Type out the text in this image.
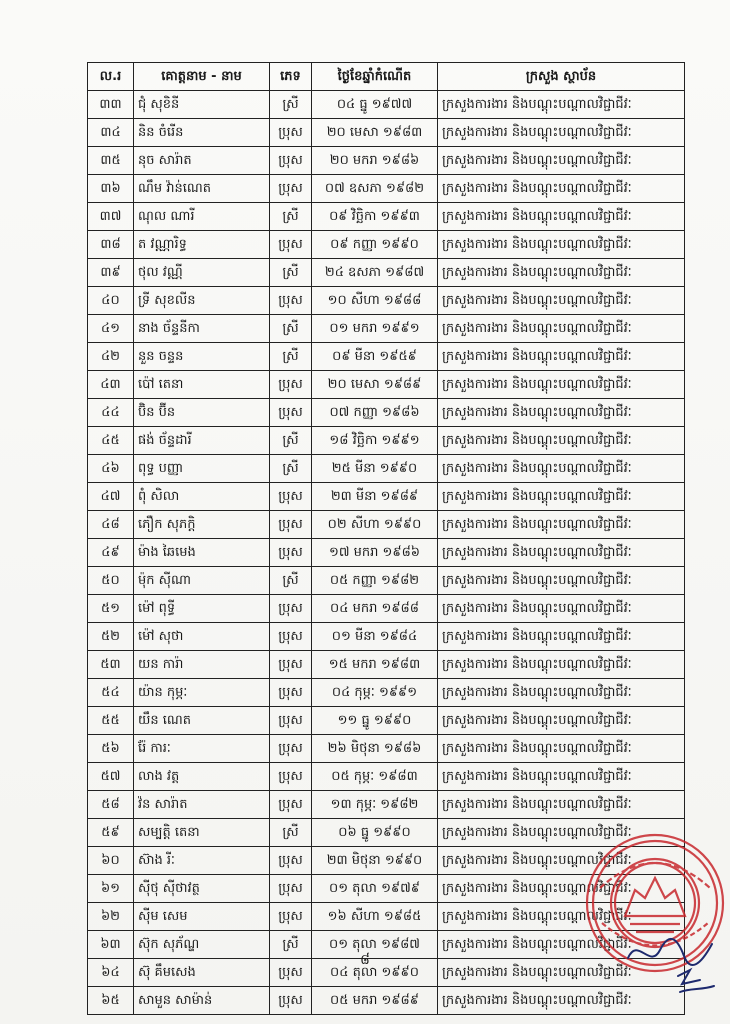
ល.រ	គោត្តនាម - នាម	ភេទ	ថ្ងៃខែឆ្នាំកំណើត	ក្រសួង ស្ថាប័ន
៣៣	ជុំ សុខិនី	ស្រី	០៤ ធ្នូ ១៩៧៧	ក្រសួងការងារ និងបណ្តុះបណ្តាលវិជ្ជាជីវៈ
៣៤	និន ចំរើន	ប្រុស	២០ មេសា ១៩៨៣	ក្រសួងការងារ និងបណ្តុះបណ្តាលវិជ្ជាជីវៈ
៣៥	នុច សារ៉ាត	ប្រុស	២០ មករា ១៩៨៦	ក្រសួងការងារ និងបណ្តុះបណ្តាលវិជ្ជាជីវៈ
៣៦	ណឹម វ៉ាន់ណេត	ប្រុស	០៧ ឧសភា ១៩៨២	ក្រសួងការងារ និងបណ្តុះបណ្តាលវិជ្ជាជីវៈ
៣៧	ណុល ណារី	ស្រី	០៩ វិច្ឆិកា ១៩៩៣	ក្រសួងការងារ និងបណ្តុះបណ្តាលវិជ្ជាជីវៈ
៣៨	ត វណ្ណារិទ្ធ	ប្រុស	០៩ កញ្ញា ១៩៩០	ក្រសួងការងារ និងបណ្តុះបណ្តាលវិជ្ជាជីវៈ
៣៩	ថុល វណ្ណី	ស្រី	២៤ ឧសភា ១៩៨៧	ក្រសួងការងារ និងបណ្តុះបណ្តាលវិជ្ជាជីវៈ
៤០	ទ្រី សុខលីន	ប្រុស	១០ សីហា ១៩៨៨	ក្រសួងការងារ និងបណ្តុះបណ្តាលវិជ្ជាជីវៈ
៤១	នាង ច័ន្ទនីកា	ស្រី	០១ មករា ១៩៩១	ក្រសួងការងារ និងបណ្តុះបណ្តាលវិជ្ជាជីវៈ
៤២	នួន ចន្ទន	ស្រី	០៩ មីនា ១៩៥៩	ក្រសួងការងារ និងបណ្តុះបណ្តាលវិជ្ជាជីវៈ
៤៣	ប៉ៅ តេនា	ប្រុស	២០ មេសា ១៩៨៩	ក្រសួងការងារ និងបណ្តុះបណ្តាលវិជ្ជាជីវៈ
៤៤	ប៊ិន ប៊ីន	ប្រុស	០៧ កញ្ញា ១៩៨៦	ក្រសួងការងារ និងបណ្តុះបណ្តាលវិជ្ជាជីវៈ
៤៥	ផង់ ច័ន្ទដារី	ស្រី	១៨ វិច្ឆិកា ១៩៩១	ក្រសួងការងារ និងបណ្តុះបណ្តាលវិជ្ជាជីវៈ
៤៦	ពុទ្ធ បញ្ញា	ស្រី	២៥ មីនា ១៩៩០	ក្រសួងការងារ និងបណ្តុះបណ្តាលវិជ្ជាជីវៈ
៤៧	ពុំ សិលា	ប្រុស	២៣ មីនា ១៩៨៩	ក្រសួងការងារ និងបណ្តុះបណ្តាលវិជ្ជាជីវៈ
៤៨	ភឿក សុភក្តិ	ប្រុស	០២ សីហា ១៩៩០	ក្រសួងការងារ និងបណ្តុះបណ្តាលវិជ្ជាជីវៈ
៤៩	ម៉ាង ឆៃមេង	ប្រុស	១៧ មករា ១៩៨៦	ក្រសួងការងារ និងបណ្តុះបណ្តាលវិជ្ជាជីវៈ
៥០	ម៉ុក ស៊ីណា	ស្រី	០៥ កញ្ញា ១៩៨២	ក្រសួងការងារ និងបណ្តុះបណ្តាលវិជ្ជាជីវៈ
៥១	ម៉ៅ ពុទ្ធី	ប្រុស	០៤ មករា ១៩៨៨	ក្រសួងការងារ និងបណ្តុះបណ្តាលវិជ្ជាជីវៈ
៥២	ម៉ៅ សុថា	ប្រុស	០១ មីនា ១៩៨៤	ក្រសួងការងារ និងបណ្តុះបណ្តាលវិជ្ជាជីវៈ
៥៣	យន ការ៉ា	ប្រុស	១៥ មករា ១៩៨៣	ក្រសួងការងារ និងបណ្តុះបណ្តាលវិជ្ជាជីវៈ
៥៤	យ៉ាន កុម្ភៈ	ប្រុស	០៤ កុម្ភៈ ១៩៩១	ក្រសួងការងារ និងបណ្តុះបណ្តាលវិជ្ជាជីវៈ
៥៥	យឹន ណេត	ប្រុស	១១ ធ្នូ ១៩៩០	ក្រសួងការងារ និងបណ្តុះបណ្តាលវិជ្ជាជីវៈ
៥៦	រ៉ែ ការៈ	ប្រុស	២៦ មិថុនា ១៩៨៦	ក្រសួងការងារ និងបណ្តុះបណ្តាលវិជ្ជាជីវៈ
៥៧	លាង វត្ត	ប្រុស	០៥ កុម្ភៈ ១៩៨៣	ក្រសួងការងារ និងបណ្តុះបណ្តាលវិជ្ជាជីវៈ
៥៨	វ៉ន សារ៉ាត	ប្រុស	១៣ កុម្ភៈ ១៩៨២	ក្រសួងការងារ និងបណ្តុះបណ្តាលវិជ្ជាជីវៈ
៥៩	សម្បត្តិ តេនា	ស្រី	០៦ ធ្នូ ១៩៩០	ក្រសួងការងារ និងបណ្តុះបណ្តាលវិជ្ជាជីវៈ
៦០	ស៊ាង រីៈ	ប្រុស	២៣ មិថុនា ១៩៩០	ក្រសួងការងារ និងបណ្តុះបណ្តាលវិជ្ជាជីវៈ
៦១	ស៊ីថុ ស៊ីថាវត្ថ	ប្រុស	០១ តុលា ១៩៧៩	ក្រសួងការងារ និងបណ្តុះបណ្តាលវិជ្ជាជីវៈ
៦២	ស៊ីម សេម	ប្រុស	១៦ សីហា ១៩៨៥	ក្រសួងការងារ និងបណ្តុះបណ្តាលវិជ្ជាជីវៈ
៦៣	ស៊ុក សុភ័ណ្ឌ	ស្រី	០១ តុលា ១៩៨៧	ក្រសួងការងារ និងបណ្តុះបណ្តាលវិជ្ជាជីវៈ
៦៤	ស៊ុ គឹមសេង	ប្រុស	០៤ តុលា ១៩៩០	ក្រសួងការងារ និងបណ្តុះបណ្តាលវិជ្ជាជីវៈ
៦៥	សាមួន សាម៉ាន់	ប្រុស	០៥ មករា ១៩៨៩	ក្រសួងការងារ និងបណ្តុះបណ្តាលវិជ្ជាជីវៈ
៨
